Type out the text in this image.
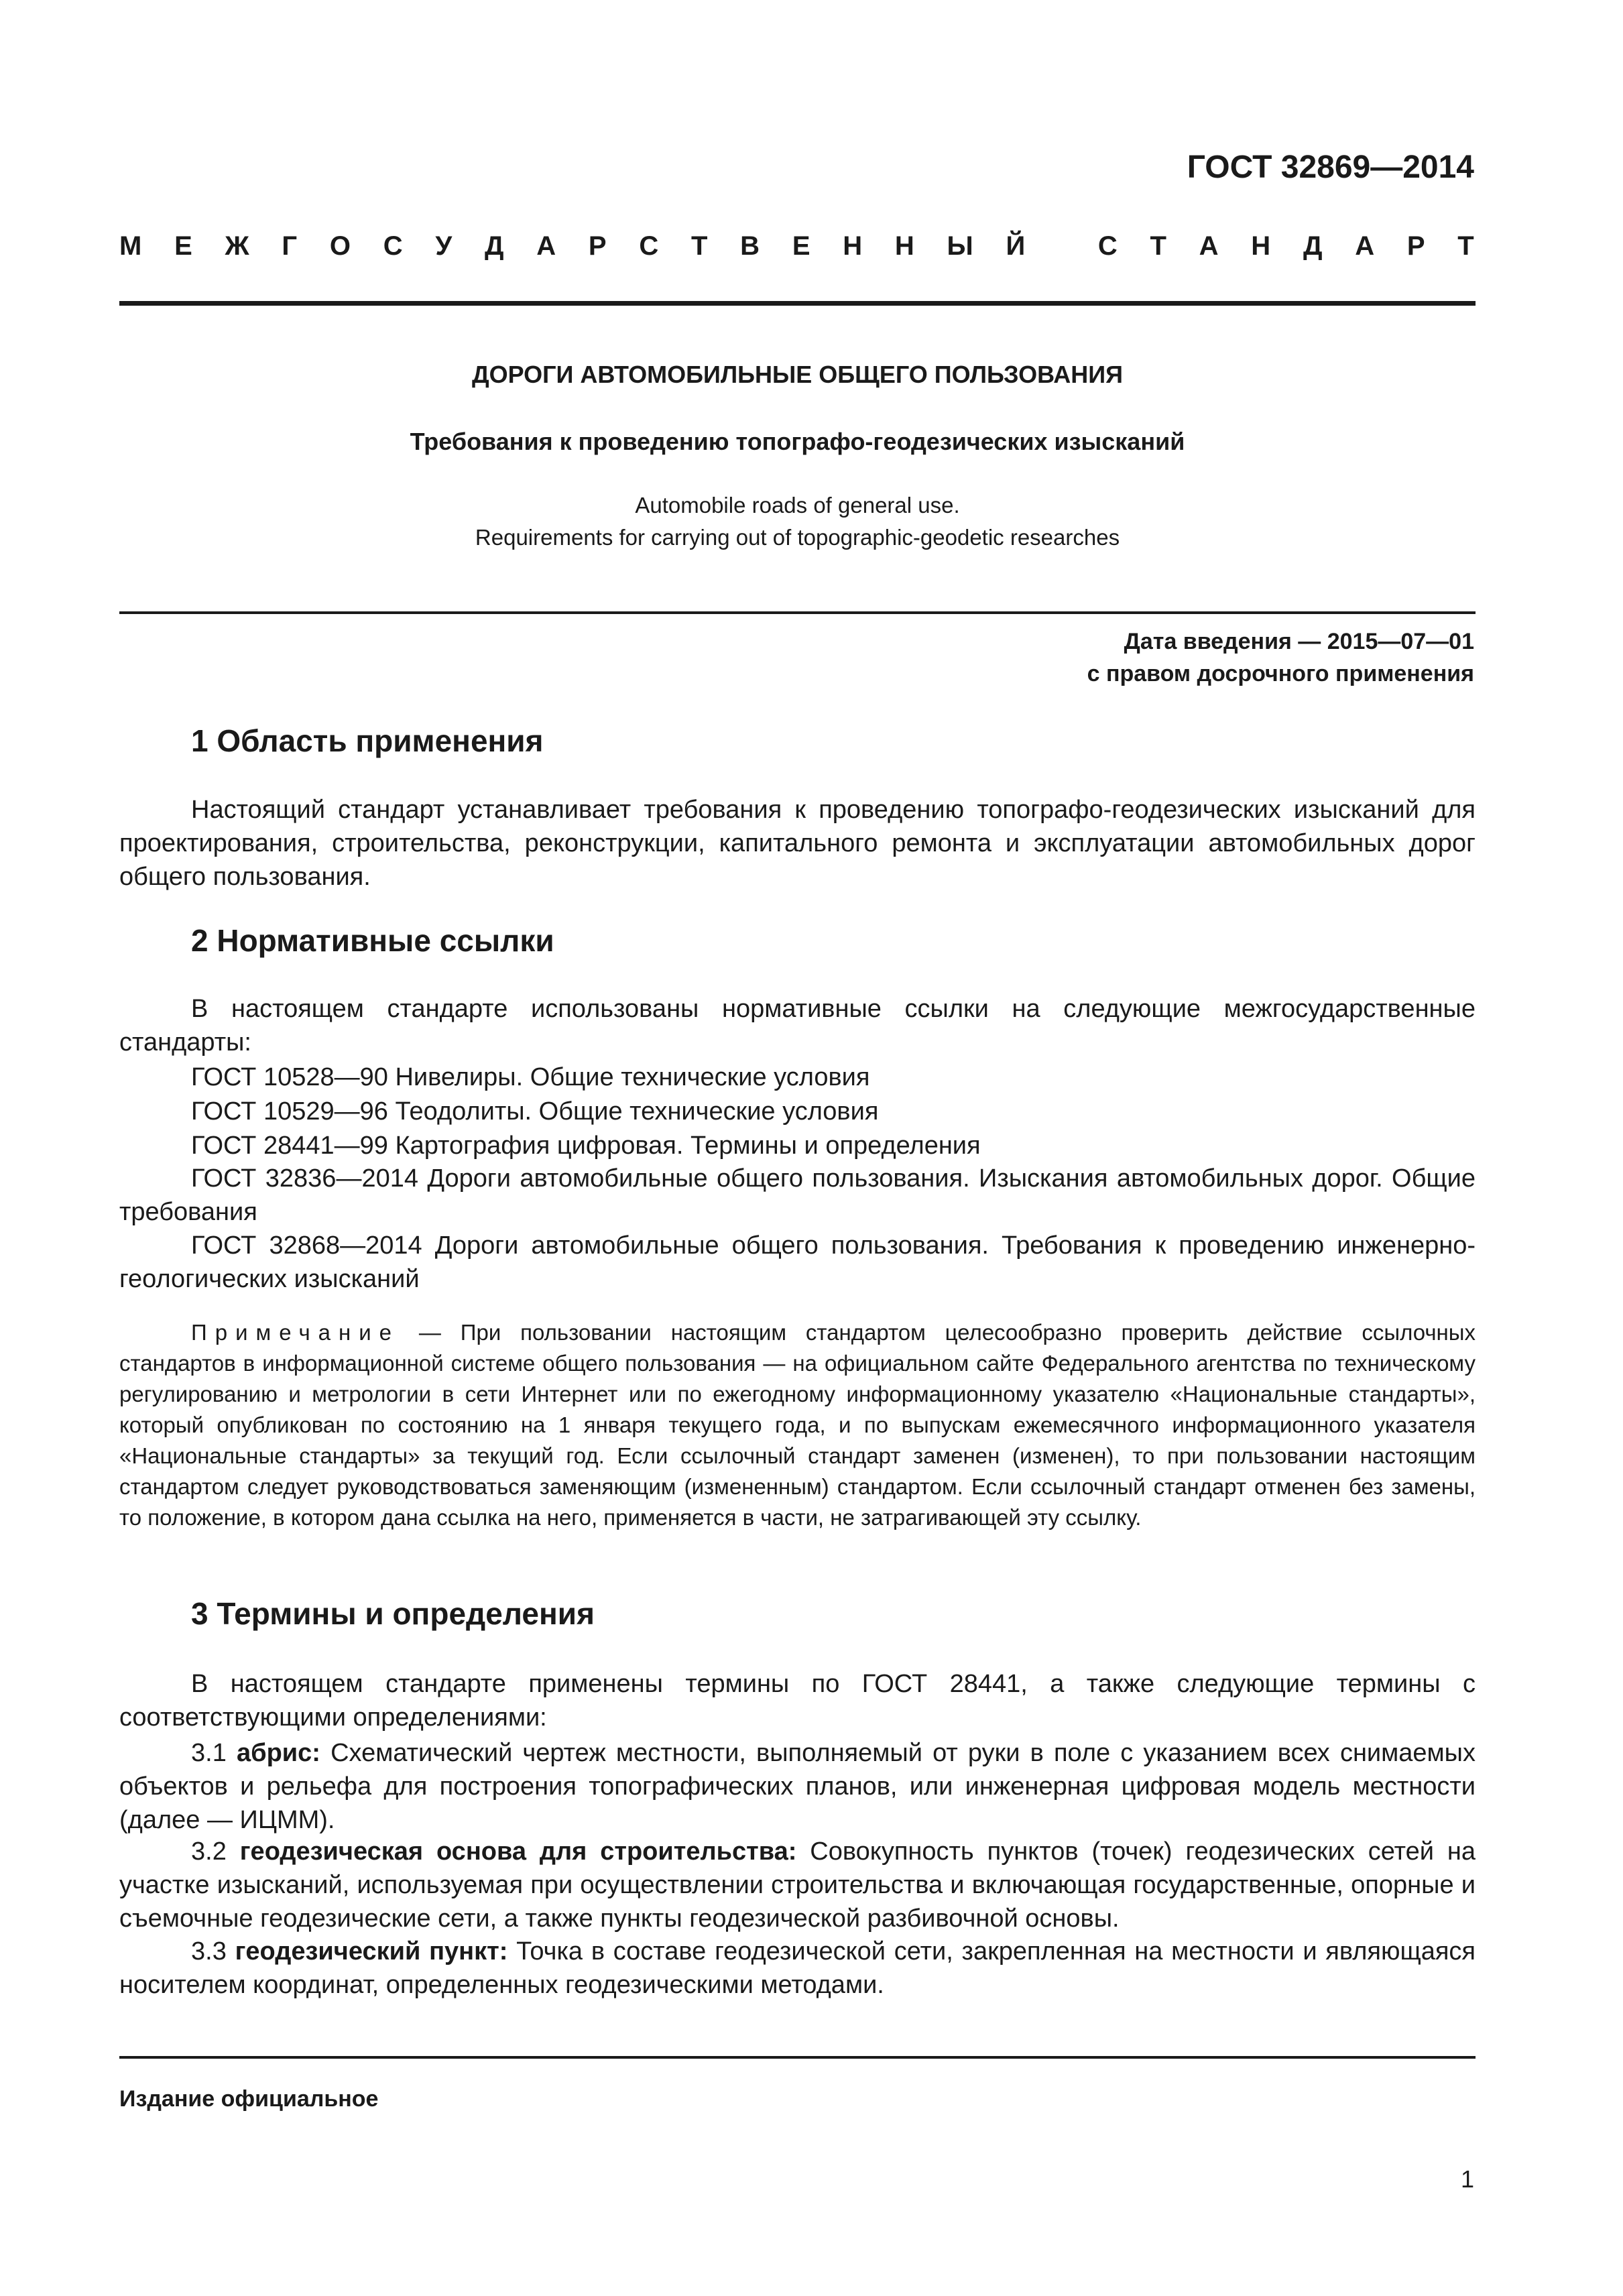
ГОСТ 32869—2014
М Е Ж Г О С У Д А Р С Т В Е Н Н Ы Й
	С Т А Н Д А Р Т
ДОРОГИ АВТОМОБИЛЬНЫЕ ОБЩЕГО ПОЛЬЗОВАНИЯ
Требования к проведению топографо-геодезических изысканий
Automobile roads of general use.
Requirements for carrying out of topographic-geodetic researches
Дата введения — 2015—07—01
с правом досрочного применения
1 Область применения

Настоящий стандарт устанавливает требования к проведению топографо-геодезических изысканий для проектирования, строительства, реконструкции, капитального ремонта и эксплуатации автомобильных дорог общего пользования.

2 Нормативные ссылки

В настоящем стандарте использованы нормативные ссылки на следующие межгосударственные стандарты:

ГОСТ 10528—90 Нивелиры. Общие технические условия
ГОСТ 10529—96 Теодолиты. Общие технические условия
ГОСТ 28441—99 Картография цифровая. Термины и определения

ГОСТ 32836—2014 Дороги автомобильные общего пользования. Изыскания автомобильных дорог. Общие требования

ГОСТ 32868—2014 Дороги автомобильные общего пользования. Требования к проведению инженерно-геологических изысканий

Примечание — При пользовании настоящим стандартом целесообразно проверить действие ссылочных стандартов в информационной системе общего пользования — на официальном сайте Федерального агентства по техническому регулированию и метрологии в сети Интернет или по ежегодному информационному указателю «Национальные стандарты», который опубликован по состоянию на 1 января текущего года, и по выпускам ежемесячного информационного указателя «Национальные стандарты» за текущий год. Если ссылочный стандарт заменен (изменен), то при пользовании настоящим стандартом следует руководствоваться заменяющим (измененным) стандартом. Если ссылочный стандарт отменен без замены, то положение, в котором дана ссылка на него, применяется в части, не затрагивающей эту ссылку.

3 Термины и определения

В настоящем стандарте применены термины по ГОСТ 28441, а также следующие термины с соответствующими определениями:

3.1 абрис: Схематический чертеж местности, выполняемый от руки в поле с указанием всех снимаемых объектов и рельефа для построения топографических планов, или инженерная цифровая модель местности (далее — ИЦММ).

3.2 геодезическая основа для строительства: Совокупность пунктов (точек) геодезических сетей на участке изысканий, используемая при осуществлении строительства и включающая государственные, опорные и съемочные геодезические сети, а также пункты геодезической разбивочной основы.

3.3 геодезический пункт: Точка в составе геодезической сети, закрепленная на местности и являющаяся носителем координат, определенных геодезическими методами.

Издание официальное
1
